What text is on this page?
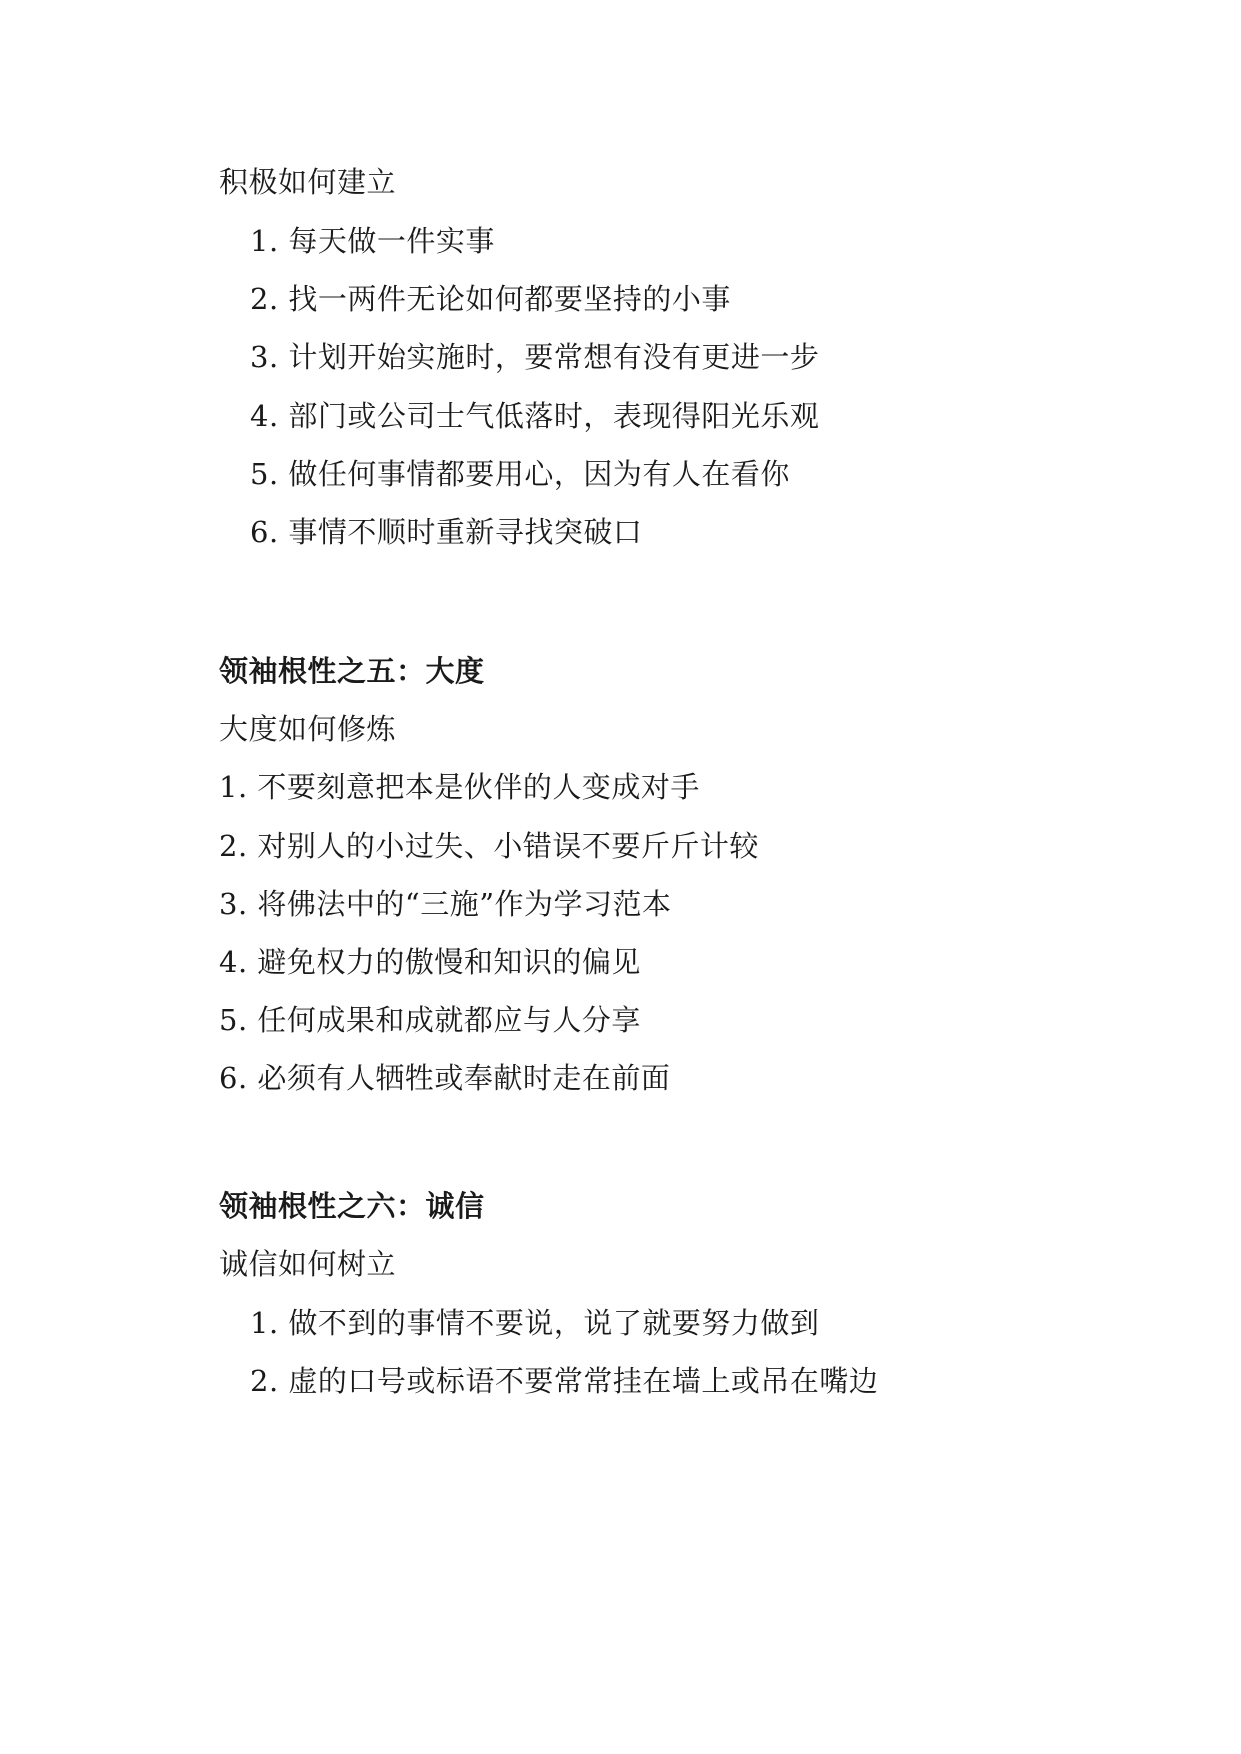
积极如何建立
1. 每天做一件实事
2. 找一两件无论如何都要坚持的小事
3. 计划开始实施时，要常想有没有更进一步
4. 部门或公司士气低落时，表现得阳光乐观
5. 做任何事情都要用心，因为有人在看你
6. 事情不顺时重新寻找突破口
领袖根性之五：大度
大度如何修炼
1. 不要刻意把本是伙伴的人变成对手
2. 对别人的小过失、小错误不要斤斤计较
3. 将佛法中的“三施”作为学习范本
4. 避免权力的傲慢和知识的偏见
5. 任何成果和成就都应与人分享
6. 必须有人牺牲或奉献时走在前面
领袖根性之六：诚信
诚信如何树立
1. 做不到的事情不要说，说了就要努力做到
2. 虚的口号或标语不要常常挂在墙上或吊在嘴边
